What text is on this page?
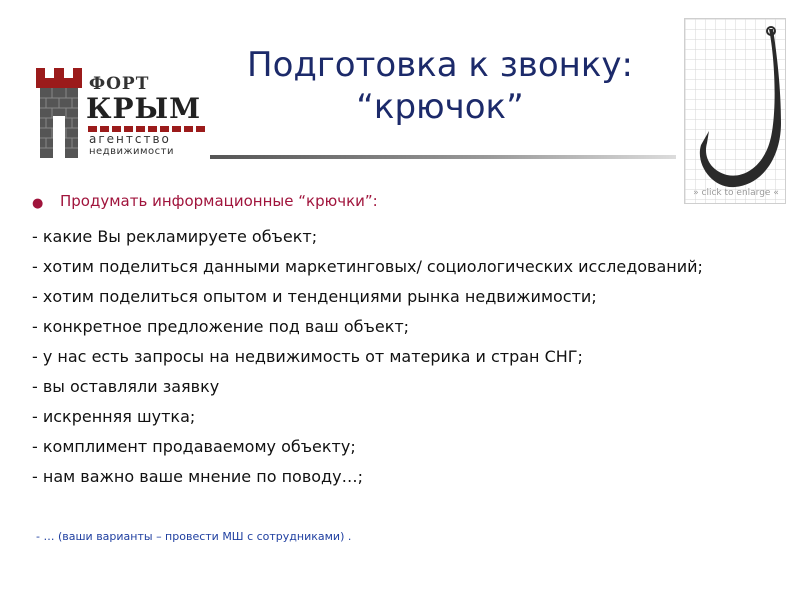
ФОРТ
КРЫМ
агентство
недвижимости
Подготовка к звонку:
“крючок”
» click to enlarge «
● Продумать информационные “крючки”:
- какие Вы рекламируете объект;
- хотим поделиться данными маркетинговых/ социологических исследований;
- хотим поделиться опытом и тенденциями рынка недвижимости;
- конкретное предложение под ваш объект;
- у нас есть запросы на недвижимость от материка и стран СНГ;
- вы оставляли заявку
- искренняя шутка;
- комплимент продаваемому объекту;
- нам важно ваше мнение по поводу…;
- … (ваши варианты – провести МШ с сотрудниками) .
